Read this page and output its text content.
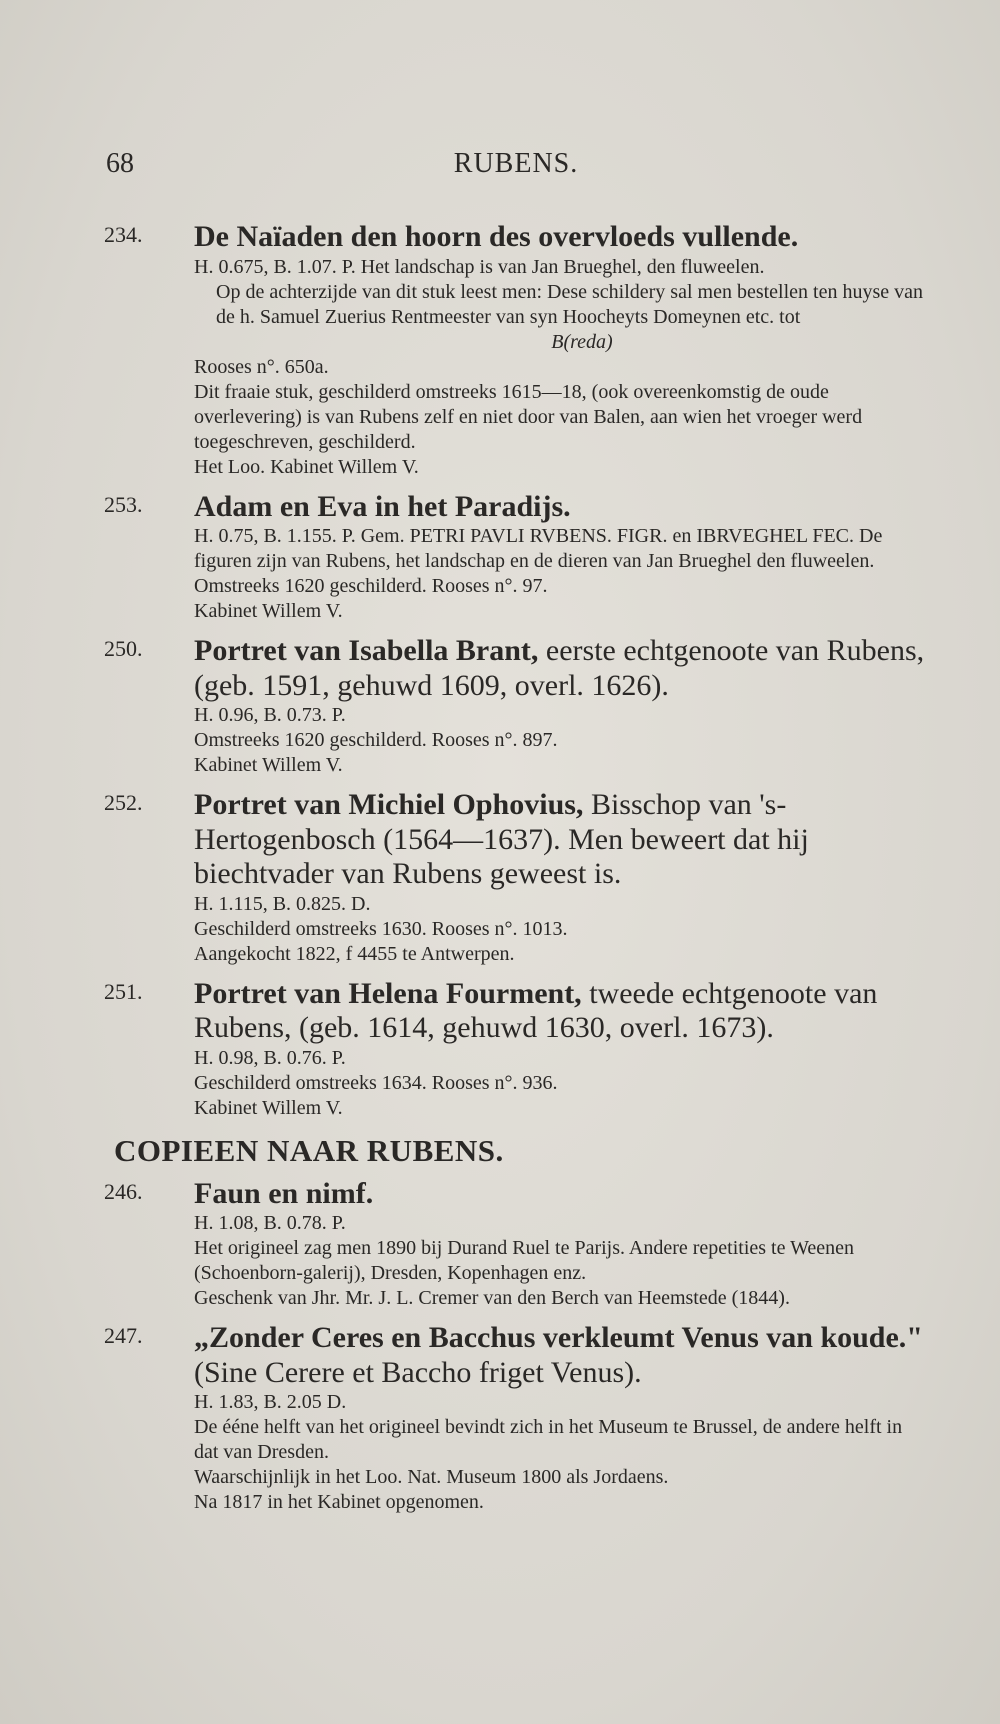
68	RUBENS.
234. De Naïaden den hoorn des overvloeds vullende.
H. 0.675, B. 1.07. P. Het landschap is van Jan Brueghel, den fluweelen.
Op de achterzijde van dit stuk leest men: Dese schildery sal men bestellen ten huyse van de h. Samuel Zuerius Rentmeester van syn Hoocheyts Domeynen etc. tot
B(reda)
Rooses n°. 650a.
Dit fraaie stuk, geschilderd omstreeks 1615—18, (ook overeenkomstig de oude overlevering) is van Rubens zelf en niet door van Balen, aan wien het vroeger werd toegeschreven, geschilderd.
Het Loo. Kabinet Willem V.
253. Adam en Eva in het Paradijs.
H. 0.75, B. 1.155. P. Gem. PETRI PAVLI RVBENS. FIGR. en IBRVEGHEL FEC. De figuren zijn van Rubens, het landschap en de dieren van Jan Brueghel den fluweelen.
Omstreeks 1620 geschilderd. Rooses n°. 97.
Kabinet Willem V.
250. Portret van Isabella Brant, eerste echtgenoote van Rubens, (geb. 1591, gehuwd 1609, overl. 1626).
H. 0.96, B. 0.73. P.
Omstreeks 1620 geschilderd. Rooses n°. 897.
Kabinet Willem V.
252. Portret van Michiel Ophovius, Bisschop van 's-Hertogenbosch (1564—1637). Men beweert dat hij biechtvader van Rubens geweest is.
H. 1.115, B. 0.825. D.
Geschilderd omstreeks 1630. Rooses n°. 1013.
Aangekocht 1822, f 4455 te Antwerpen.
251. Portret van Helena Fourment, tweede echtgenoote van Rubens, (geb. 1614, gehuwd 1630, overl. 1673).
H. 0.98, B. 0.76. P.
Geschilderd omstreeks 1634. Rooses n°. 936.
Kabinet Willem V.
COPIEEN NAAR RUBENS.
246. Faun en nimf.
H. 1.08, B. 0.78. P.
Het origineel zag men 1890 bij Durand Ruel te Parijs. Andere repetities te Weenen (Schoenborn-galerij), Dresden, Kopenhagen enz.
Geschenk van Jhr. Mr. J. L. Cremer van den Berch van Heemstede (1844).
247. „Zonder Ceres en Bacchus verkleumt Venus van koude." (Sine Cerere et Baccho friget Venus).
H. 1.83, B. 2.05 D.
De ééne helft van het origineel bevindt zich in het Museum te Brussel, de andere helft in dat van Dresden.
Waarschijnlijk in het Loo. Nat. Museum 1800 als Jordaens.
Na 1817 in het Kabinet opgenomen.
